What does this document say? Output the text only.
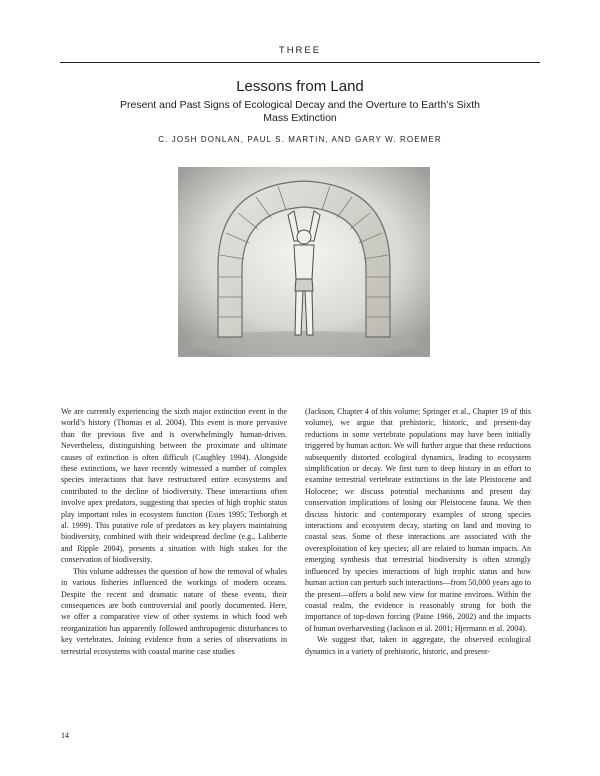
THREE
Lessons from Land
Present and Past Signs of Ecological Decay and the Overture to Earth’s Sixth Mass Extinction
C. JOSH DONLAN, PAUL S. MARTIN, AND GARY W. ROEMER

We are currently experiencing the sixth major extinction event in the world’s history (Thomas et al. 2004). This event is more pervasive than the previous five and is overwhelmingly human-driven. Nevertheless, distinguishing between the proximate and ultimate causes of extinction is often difficult (Caughley 1994). Alongside these extinctions, we have recently witnessed a number of complex species interactions that have restructured entire ecosystems and contributed to the decline of biodiversity. These interactions often involve apex predators, suggesting that species of high trophic status play important roles in ecosystem function (Estes 1995; Terborgh et al. 1999). This putative role of predators as key players maintaining biodiversity, combined with their widespread decline (e.g., Laliberte and Ripple 2004), presents a situation with high stakes for the conservation of biodiversity.

This volume addresses the question of how the removal of whales in various fisheries influenced the workings of modern oceans. Despite the recent and dramatic nature of these events, their consequences are both controversial and poorly documented. Here, we offer a comparative view of other systems in which food web reorganization has apparently followed anthropogenic disturbances to key vertebrates. Joining evidence from a series of observations in terrestrial ecosystems with coastal marine case studies

(Jackson, Chapter 4 of this volume; Springer et al., Chapter 19 of this volume), we argue that prehistoric, historic, and present-day reductions in some vertebrate populations may have been initially triggered by human action. We will further argue that these reductions subsequently distorted ecological dynamics, leading to ecosystem simplification or decay. We first turn to deep history in an effort to examine terrestrial vertebrate extinctions in the late Pleistocene and Holocene; we discuss potential mechanisms and present day conservation implications of losing our Pleistocene fauna. We then discuss historic and contemporary examples of strong species interactions and ecosystem decay, starting on land and moving to coastal seas. Some of these interactions are associated with the overexploitation of key species; all are related to human impacts. An emerging synthesis that terrestrial biodiversity is often strongly influenced by species interactions of high trophic status and how human action can perturb such interactions—from 50,000 years ago to the present—offers a bold new view for marine environs. Within the coastal realm, the evidence is reasonably strong for both the importance of top-down forcing (Paine 1966, 2002) and the impacts of human overharvesting (Jackson et al. 2001; Hjermann et al. 2004).

We suggest that, taken in aggregate, the observed ecological dynamics in a variety of prehistoric, historic, and present-

14
